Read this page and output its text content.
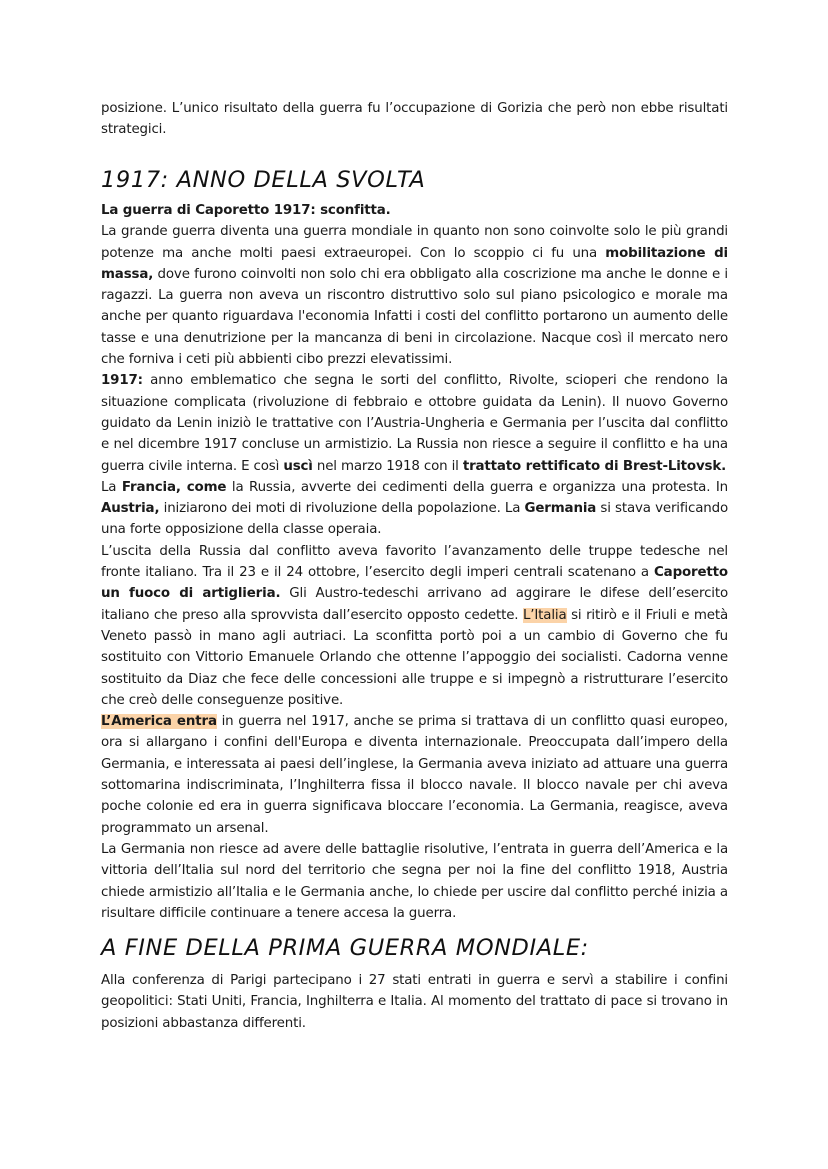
posizione. L’unico risultato della guerra fu l’occupazione di Gorizia che però non ebbe risultati strategici.

1917: ANNO DELLA SVOLTA

La guerra di Caporetto 1917: sconfitta.

La grande guerra diventa una guerra mondiale in quanto non sono coinvolte solo le più grandi potenze ma anche molti paesi extraeuropei. Con lo scoppio ci fu una mobilitazione di massa, dove furono coinvolti non solo chi era obbligato alla coscrizione ma anche le donne e i ragazzi. La guerra non aveva un riscontro distruttivo solo sul piano psicologico e morale ma anche per quanto riguardava l'economia Infatti i costi del conflitto portarono un aumento delle tasse e una denutrizione per la mancanza di beni in circolazione. Nacque così il mercato nero che forniva i ceti più abbienti cibo prezzi elevatissimi.

1917: anno emblematico che segna le sorti del conflitto, Rivolte, scioperi che rendono la situazione complicata (rivoluzione di febbraio e ottobre guidata da Lenin). Il nuovo Governo guidato da Lenin iniziò le trattative con l’Austria-Ungheria e Germania per l’uscita dal conflitto e nel dicembre 1917 concluse un armistizio. La Russia non riesce a seguire il conflitto e ha una guerra civile interna. E così uscì nel marzo 1918 con il trattato rettificato di Brest-Litovsk.

La Francia, come la Russia, avverte dei cedimenti della guerra e organizza una protesta. In Austria, iniziarono dei moti di rivoluzione della popolazione. La Germania si stava verificando una forte opposizione della classe operaia.

L’uscita della Russia dal conflitto aveva favorito l’avanzamento delle truppe tedesche nel fronte italiano. Tra il 23 e il 24 ottobre, l’esercito degli imperi centrali scatenano a Caporetto un fuoco di artiglieria. Gli Austro-tedeschi arrivano ad aggirare le difese dell’esercito italiano che preso alla sprovvista dall’esercito opposto cedette. L’Italia si ritirò e il Friuli e metà Veneto passò in mano agli autriaci. La sconfitta portò poi a un cambio di Governo che fu sostituito con Vittorio Emanuele Orlando che ottenne l’appoggio dei socialisti. Cadorna venne sostituito da Diaz che fece delle concessioni alle truppe e si impegnò a ristrutturare l’esercito che creò delle conseguenze positive.

L’America entra in guerra nel 1917, anche se prima si trattava di un conflitto quasi europeo, ora si allargano i confini dell'Europa e diventa internazionale. Preoccupata dall’impero della Germania, e interessata ai paesi dell’inglese, la Germania aveva iniziato ad attuare una guerra sottomarina indiscriminata, l’Inghilterra fissa il blocco navale. Il blocco navale per chi aveva poche colonie ed era in guerra significava bloccare l’economia. La Germania, reagisce, aveva programmato un arsenal.

La Germania non riesce ad avere delle battaglie risolutive, l’entrata in guerra dell’America e la vittoria dell’Italia sul nord del territorio che segna per noi la fine del conflitto 1918, Austria chiede armistizio all’Italia e le Germania anche, lo chiede per uscire dal conflitto perché inizia a risultare difficile continuare a tenere accesa la guerra.

A FINE DELLA PRIMA GUERRA MONDIALE:

Alla conferenza di Parigi partecipano i 27 stati entrati in guerra e servì a stabilire i confini geopolitici: Stati Uniti, Francia, Inghilterra e Italia. Al momento del trattato di pace si trovano in posizioni abbastanza differenti.
